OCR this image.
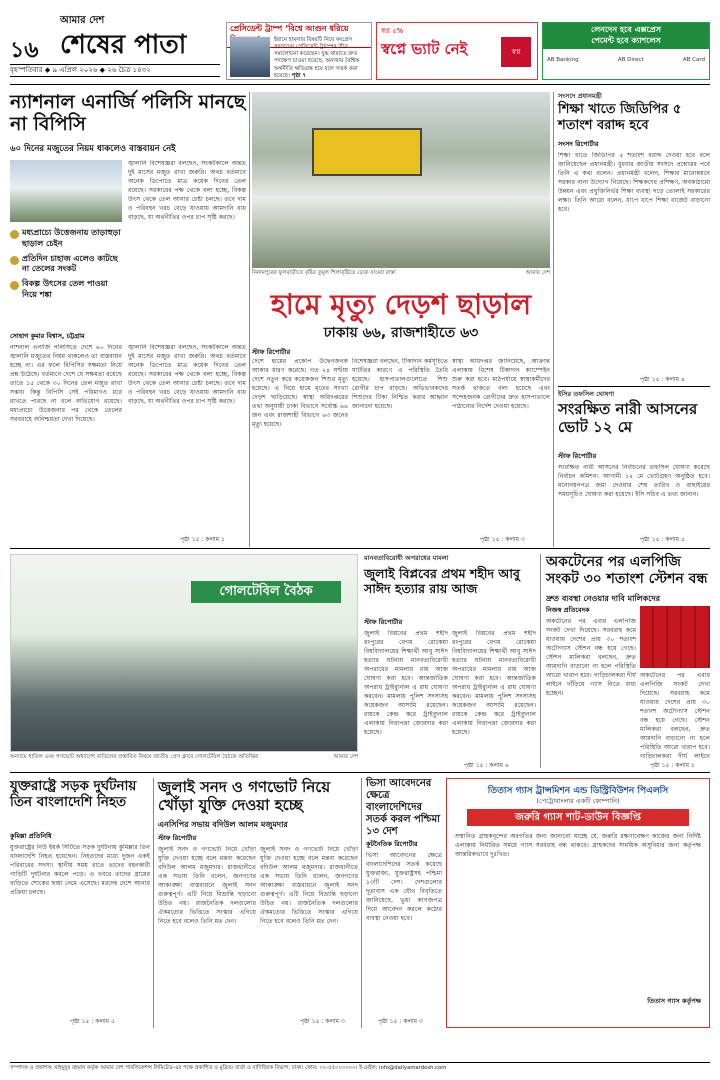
১৬
আমার দেশ
শেষের পাতা
বৃহস্পতিবার ◆ ৯ এপ্রিল ২০২৬ ◆ ২৬ চৈত্র ১৪৩২
প্রেসিডেন্ট ট্রাম্প ‘বিশ্বে আগুন ধরিয়ে
ইরানে হামলার বিষয়টি নিয়ে কংগ্রেস সদস্যদের প্রেসিডেন্ট ট্রাম্পের তীব্র সমালোচনা করেছেন। যুদ্ধ থামাতে দ্রুত পদক্ষেপ চাওয়া হয়েছে, অন্যথায় বৈশ্বিক অর্থনীতি ক্ষতিগ্রস্ত হবে বলে সতর্ক করা হয়েছে। পৃষ্ঠা ৭
স্বপ্ন ৫%
স্বপ্নে ভ্যাট নেই	স্বপ্ন
লেনদেন হবে এক্সপ্রেস
পেমেন্ট হবে ক্যাশলেস
AB Banking	AB Direct	AB Card
ন্যাশনাল এনার্জি পলিসি মানছে না বিপিসি
৬০ দিনের মজুতের নিয়ম ধাকলেও বাস্তবায়ন নেই
মধ্যপ্রাচ্যে উত্তেজনায় তাড়াহুড়া ছাড়াল চেইন
প্রতিদিন চাহাজ এলেও কাটছে না তেলের সংকট
বিকল্প উৎসের তেল পাওয়া নিয়ে শঙ্কা
জ্বালানি বিশেষজ্ঞরা বলছেন, সংকটকালে অন্তত দুই মাসের মজুত রাখা জরুরি। অথচ বর্তমানে অনেক ডিপোতে মাত্র কয়েক দিনের তেল রয়েছে। সরকারের পক্ষ থেকে বলা হচ্ছে, বিকল্প উৎস থেকে তেল আনার চেষ্টা চলছে। তবে দাম ও পরিবহন খরচ বেড়ে যাওয়ায় আমদানি ব্যয় বাড়ছে, যা অর্থনীতির ওপর চাপ সৃষ্টি করছে।
সোহাগ কুমার বিশ্বাস, চট্টগ্রাম
নাশনাল এনার্জি পলিসিতে দেশে ৬০ দিনের জ্বালানি মজুতের নিয়ম থাকলেও তা বাস্তবায়ন হচ্ছে না। এর ফলে বিপিসির সক্ষমতা নিয়ে প্রশ্ন উঠেছে। বর্তমানে দেশে যে সক্ষমতা রয়েছে তাতে ১৫ থেকে ৩০ দিনের তেল মজুত রাখা সম্ভব। কিন্তু বিপিসি সেই পরিমাণও ধরে রাখতে পারছে না বলে অভিযোগ রয়েছে। মধ্যপ্রাচ্যে উত্তেজনার পর থেকে তেলের সরবরাহে অনিশ্চয়তা দেখা দিয়েছে।
জ্বালানি বিশেষজ্ঞরা বলছেন, সংকটকালে অন্তত দুই মাসের মজুত রাখা জরুরি। অথচ বর্তমানে অনেক ডিপোতে মাত্র কয়েক দিনের তেল রয়েছে। সরকারের পক্ষ থেকে বলা হচ্ছে, বিকল্প উৎস থেকে তেল আনার চেষ্টা চলছে। তবে দাম ও পরিবহন খরচ বেড়ে যাওয়ায় আমদানি ব্যয় বাড়ছে, যা অর্থনীতির ওপর চাপ সৃষ্টি করছে।
পৃষ্ঠা ১৫ : কলাম ১
নিনামপুরের ফুলবাড়ীতে বৃষ্টির তুমুল শিলাবৃষ্টিতে ঢেকে যাওয়া রাস্তা	আমার দেশ
হামে মৃত্যু দেড়শ ছাড়াল
ঢাকায় ৬৬, রাজশাহীতে ৬৩
স্টাফ রিপোর্টার
দেশে হামের প্রকোপ উদ্বেগজনক আকার ধারণ করেছে। গত ২৪ ঘণ্টায় দেশে নতুন করে কয়েকজন শিশুর মৃত্যু হয়েছে। এ নিয়ে হামে মৃতের সংখ্যা দেড়শ ছাড়িয়েছে। স্বাস্থ্য অধিদপ্তরের তথ্য অনুযায়ী ঢাকা বিভাগে সর্বোচ্চ ৬৬ জন এবং রাজশাহী বিভাগে ৬৩ জনের মৃত্যু হয়েছে।
বিশেষজ্ঞরা বলছেন, টিকাদান কর্মসূচিতে ঘাটতির কারণে এ পরিস্থিতি তৈরি হয়েছে। হাসপাতালগুলোতে শিশু রোগীর চাপ বাড়ছে। অভিভাবকদের শিশুদের টিকা নিশ্চিত করার আহ্বান জানানো হয়েছে।
স্বাস্থ্য অধিদপ্তর জানিয়েছে, আক্রান্ত এলাকায় বিশেষ টিকাদান ক্যাম্পেইন শুরু করা হবে। মাঠপর্যায়ে স্বাস্থ্যকর্মীদের সতর্ক থাকতে বলা হয়েছে এবং সন্দেহজনক রোগীদের দ্রুত হাসপাতালে পাঠানোর নির্দেশ দেওয়া হয়েছে।
পৃষ্ঠা ১৫ : কলাম ৩
সংসদে প্রধানমন্ত্রী
শিক্ষা খাতে জিডিপির ৫ শতাংশ বরাদ্দ হবে
সংসদ রিপোর্টার
শিক্ষা খাতে জিডিপির ৫ শতাংশ বরাদ্দ দেওয়া হবে বলে জানিয়েছেন প্রধানমন্ত্রী। বুধবার জাতীয় সংসদে প্রশ্নোত্তর পর্বে তিনি এ কথা বলেন। প্রধানমন্ত্রী বলেন, শিক্ষার মানোন্নয়নে সরকার নানা উদ্যোগ নিয়েছে। শিক্ষকদের প্রশিক্ষণ, অবকাঠামো উন্নয়ন এবং প্রযুক্তিনির্ভর শিক্ষা ব্যবস্থা গড়ে তোলাই সরকারের লক্ষ্য। তিনি আরো বলেন, ধাপে ধাপে শিক্ষা বাজেট বাড়ানো হবে।
পৃষ্ঠা ১৫ : কলাম ৪
ইসির তফসিল ঘোষণা
সংরক্ষিত নারী আসনের ভোট ১২ মে
স্টাফ রিপোর্টার
সংরক্ষিত নারী আসনের নির্বাচনের তফসিল ঘোষণা করেছে নির্বাচন কমিশন। আগামী ১২ মে ভোটগ্রহণ অনুষ্ঠিত হবে। মনোনয়নপত্র জমা দেওয়ার শেষ তারিখ ও বাছাইয়ের সময়সূচিও ঘোষণা করা হয়েছে। ইসি সচিব এ তথ্য জানান।
পৃষ্ঠা ১৫ : কলাম ৫
গোলটেবিল বৈঠক
অন্যায়ে ধাতিল এবং গণভোট অধ্যাদেশ বাতিলের প্রস্তাবিত বিষয়ে জাতীয় প্রেস ক্লাবে গোলটেবিল বৈঠকে অতিথিরা	আমার দেশ
মানবতাবিরোধী অপরাধের মামলা
জুলাই বিপ্লবের প্রথম শহীদ আবু সাঈদ হত্যার রায় আজ
স্টাফ রিপোর্টার
জুলাই বিপ্লবের প্রথম শহীদ রংপুরের বেগম রোকেয়া বিশ্ববিদ্যালয়ের শিক্ষার্থী আবু সাঈদ হত্যার ঘটনায় মানবতাবিরোধী অপরাধের মামলার রায় আজ ঘোষণা করা হবে। আন্তর্জাতিক অপরাধ ট্রাইব্যুনাল এ রায় ঘোষণা করবেন। মামলায় পুলিশ সদস্যসহ কয়েকজন আসামি রয়েছেন। রায়কে কেন্দ্র করে ট্রাইব্যুনাল এলাকায় নিরাপত্তা জোরদার করা হয়েছে।
জুলাই বিপ্লবের প্রথম শহীদ রংপুরের বেগম রোকেয়া বিশ্ববিদ্যালয়ের শিক্ষার্থী আবু সাঈদ হত্যার ঘটনায় মানবতাবিরোধী অপরাধের মামলার রায় আজ ঘোষণা করা হবে। আন্তর্জাতিক অপরাধ ট্রাইব্যুনাল এ রায় ঘোষণা করবেন। মামলায় পুলিশ সদস্যসহ কয়েকজন আসামি রয়েছেন। রায়কে কেন্দ্র করে ট্রাইব্যুনাল এলাকায় নিরাপত্তা জোরদার করা হয়েছে।
পৃষ্ঠা ১৫ : কলাম ৬
অকটেনের পর এলপিজি সংকট ৩০ শতাংশ স্টেশন বন্ধ
দ্রুত ব্যবস্থা নেওয়ার দাবি মালিকদের
নিজস্ব প্রতিবেদক
অকটেনের পর এবার এলপিজি সংকট দেখা দিয়েছে। সরবরাহ কমে যাওয়ায় দেশের প্রায় ৩০ শতাংশ অটোগ্যাস স্টেশন বন্ধ হয়ে গেছে। স্টেশন মালিকরা বলছেন, দ্রুত আমদানি বাড়ানো না হলে পরিস্থিতি আরো খারাপ হবে। গাড়িচালকরা দীর্ঘ লাইনে দাঁড়িয়ে গ্যাস নিতে বাধ্য হচ্ছেন।
অকটেনের পর এবার এলপিজি সংকট দেখা দিয়েছে। সরবরাহ কমে যাওয়ায় দেশের প্রায় ৩০ শতাংশ অটোগ্যাস স্টেশন বন্ধ হয়ে গেছে। স্টেশন মালিকরা বলছেন, দ্রুত আমদানি বাড়ানো না হলে পরিস্থিতি আরো খারাপ হবে। গাড়িচালকরা দীর্ঘ লাইনে
পৃষ্ঠা ১৫ : কলাম ১
যুক্তরাষ্ট্রে সড়ক দুর্ঘটনায় তিন বাংলাদেশি নিহত
কুমিল্লা প্রতিনিধি
যুক্তরাষ্ট্রের নিউ ইয়র্ক সিটিতে সড়ক দুর্ঘটনায় কুমিল্লার তিন বাংলাদেশি নিহত হয়েছেন। নিহতদের মধ্যে দুজন একই পরিবারের সদস্য। স্থানীয় সময় রাতে তাদের বহনকারী গাড়িটি দুর্ঘটনার কবলে পড়ে। এ খবরে তাদের গ্রামের বাড়িতে শোকের ছায়া নেমে এসেছে। মরদেহ দেশে আনার প্রক্রিয়া চলছে।
পৃষ্ঠা ১৫ : কলাম ৫
জুলাই সনদ ও গণভোট নিয়ে খোঁড়া যুক্তি দেওয়া হচ্ছে
এনসিপির সভায় বদিউল আলম মজুমদার
স্টাফ রিপোর্টার
জুলাই সনদ ও গণভোট নিয়ে খোঁড়া যুক্তি দেওয়া হচ্ছে বলে মন্তব্য করেছেন বদিউল আলম মজুমদার। রাজধানীতে এক সভায় তিনি বলেন, জনগণের আকাঙ্ক্ষা বাস্তবায়নে জুলাই সনদ গুরুত্বপূর্ণ। এটি নিয়ে বিভ্রান্তি ছড়ানো উচিত নয়। রাজনৈতিক দলগুলোর ঐকমত্যের ভিত্তিতে সংস্কার এগিয়ে নিতে হবে বলেও তিনি মত দেন।
জুলাই সনদ ও গণভোট নিয়ে খোঁড়া যুক্তি দেওয়া হচ্ছে বলে মন্তব্য করেছেন বদিউল আলম মজুমদার। রাজধানীতে এক সভায় তিনি বলেন, জনগণের আকাঙ্ক্ষা বাস্তবায়নে জুলাই সনদ গুরুত্বপূর্ণ। এটি নিয়ে বিভ্রান্তি ছড়ানো উচিত নয়। রাজনৈতিক দলগুলোর ঐকমত্যের ভিত্তিতে সংস্কার এগিয়ে নিতে হবে বলেও তিনি মত দেন।
পৃষ্ঠা ১৫ : কলাম ৩
ভিসা আবেদনের ক্ষেত্রে বাংলাদেশিদের সতর্ক করল পশ্চিমা ১৩ দেশ
কূটনৈতিক রিপোর্টার
ভিসা আবেদনের ক্ষেত্রে বাংলাদেশিদের সতর্ক করেছে যুক্তরাজ্য, যুক্তরাষ্ট্রসহ পশ্চিমা ১৩টি দেশ। দেশগুলোর দূতাবাস এক যৌথ বিবৃতিতে জানিয়েছে, ভুয়া কাগজপত্র দিয়ে আবেদন করলে কঠোর ব্যবস্থা নেওয়া হবে।
পৃষ্ঠা ১৫ : কলাম ৩
তিতাস গ্যাস ট্রান্সমিশন এন্ড ডিস্ট্রিবিউশন পিএলসি
(পেট্রোবাংলার একটি কোম্পানি)
জরুরি গ্যাস শাট-ডাউন বিজ্ঞপ্তি
সম্মানিত গ্রাহকবৃন্দের অবগতির জন্য জানানো যাচ্ছে যে, জরুরি রক্ষণাবেক্ষণ কাজের জন্য নির্দিষ্ট এলাকায় নির্ধারিত সময়ে গ্যাস সরবরাহ বন্ধ থাকবে। গ্রাহকদের সাময়িক অসুবিধার জন্য কর্তৃপক্ষ আন্তরিকভাবে দুঃখিত।
তিতাস গ্যাস কর্তৃপক্ষ
সম্পাদক ও প্রকাশক: মাহমুদুর রহমান কর্তৃক আমার দেশ পাবলিকেশন্স লিমিটেড-এর পক্ষে প্রকাশিত ও মুদ্রিত। বার্তা ও বাণিজ্যিক বিভাগ: ঢাকা। ফোন: ০২-৫৫০০০০০০। ই-মেইল: info@dailyamardesh.com
